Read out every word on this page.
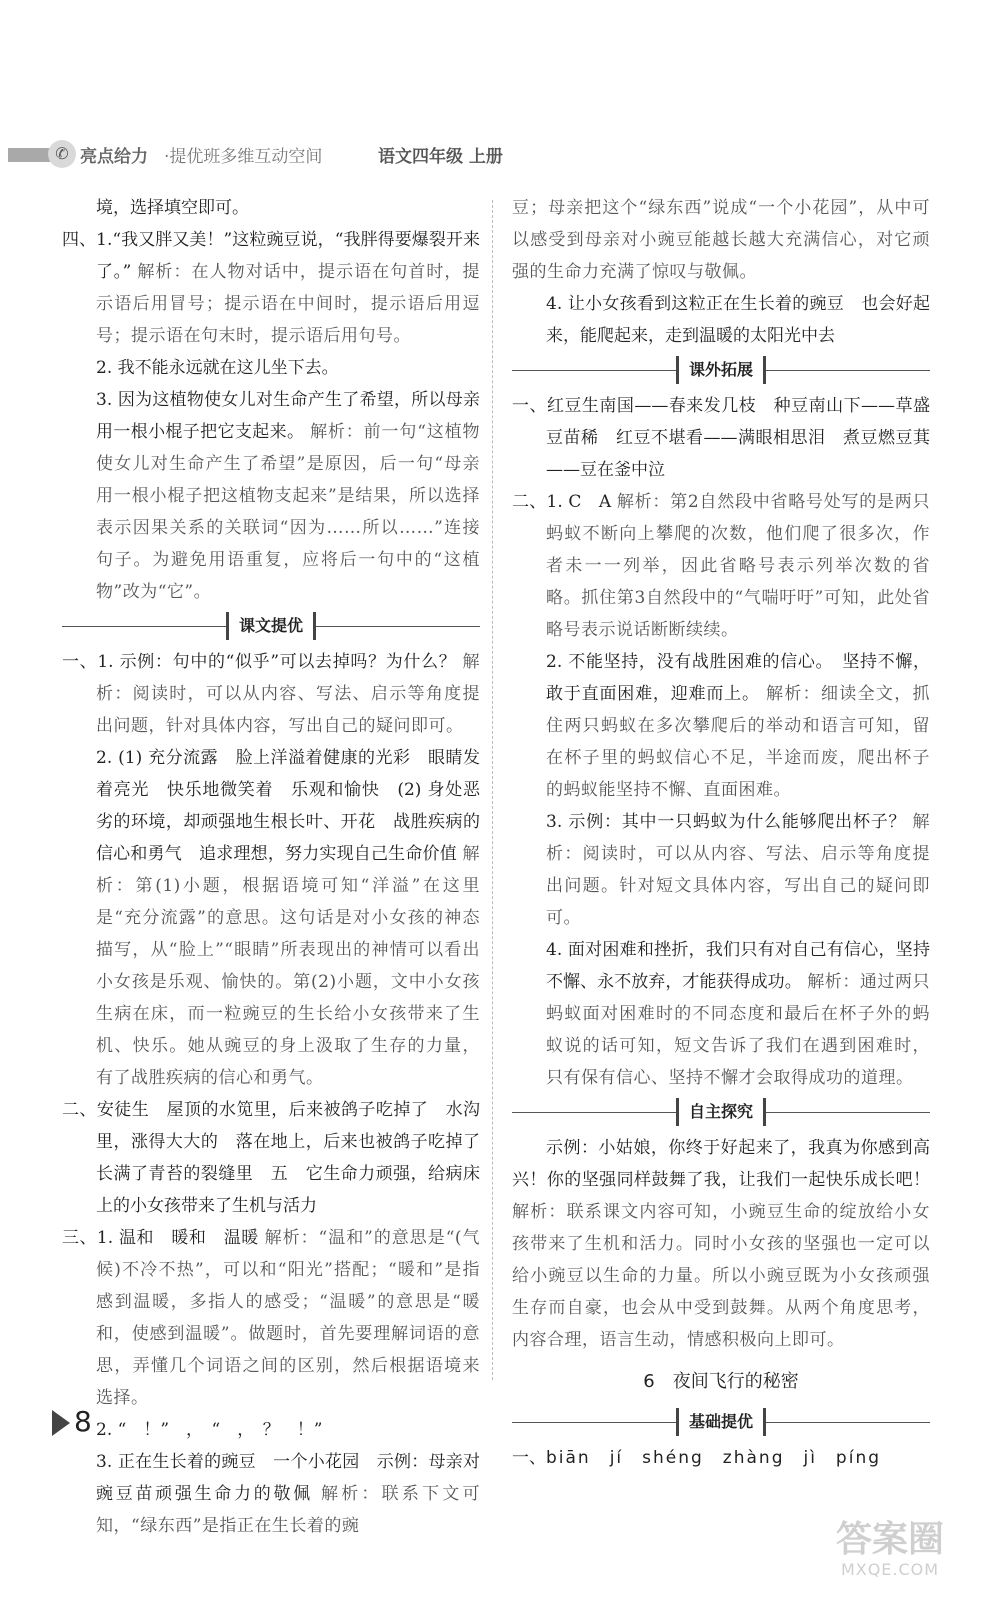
✆ 亮点给力 ·提优班多维互动空间	语文四年级 上册

境，选择填空即可。

四、1.“我又胖又美！”这粒豌豆说，“我胖得要爆裂开来了。” 解析：在人物对话中，提示语在句首时，提示语后用冒号；提示语在中间时，提示语后用逗号；提示语在句末时，提示语后用句号。

2. 我不能永远就在这儿坐下去。

3. 因为这植物使女儿对生命产生了希望，所以母亲用一根小棍子把它支起来。 解析：前一句“这植物使女儿对生命产生了希望”是原因，后一句“母亲用一根小棍子把这植物支起来”是结果，所以选择表示因果关系的关联词“因为……所以……”连接句子。为避免用语重复，应将后一句中的“这植物”改为“它”。

课文提优

一、1. 示例：句中的“似乎”可以去掉吗？为什么？ 解析：阅读时，可以从内容、写法、启示等角度提出问题，针对具体内容，写出自己的疑问即可。

2. (1) 充分流露　脸上洋溢着健康的光彩　眼睛发着亮光　快乐地微笑着　乐观和愉快　(2) 身处恶劣的环境，却顽强地生根长叶、开花　战胜疾病的信心和勇气　追求理想，努力实现自己生命价值 解析：第(1)小题，根据语境可知“洋溢”在这里是“充分流露”的意思。这句话是对小女孩的神态描写，从“脸上”“眼睛”所表现出的神情可以看出小女孩是乐观、愉快的。第(2)小题，文中小女孩生病在床，而一粒豌豆的生长给小女孩带来了生机、快乐。她从豌豆的身上汲取了生存的力量，有了战胜疾病的信心和勇气。

二、安徒生　屋顶的水笕里，后来被鸽子吃掉了　水沟里，涨得大大的　落在地上，后来也被鸽子吃掉了　长满了青苔的裂缝里　五　它生命力顽强，给病床上的小女孩带来了生机与活力

三、1. 温和　暖和　温暖 解析：“温和”的意思是“(气候)不冷不热”，可以和“阳光”搭配；“暖和”是指感到温暖，多指人的感受；“温暖”的意思是“暖和，使感到温暖”。做题时，首先要理解词语的意思，弄懂几个词语之间的区别，然后根据语境来选择。

2. “　！”　，　“　，　？　！”

3. 正在生长着的豌豆　一个小花园　示例：母亲对豌豆苗顽强生命力的敬佩 解析：联系下文可知，“绿东西”是指正在生长着的豌

豆；母亲把这个“绿东西”说成“一个小花园”，从中可以感受到母亲对小豌豆能越长越大充满信心，对它顽强的生命力充满了惊叹与敬佩。

4. 让小女孩看到这粒正在生长着的豌豆　也会好起来，能爬起来，走到温暖的太阳光中去

课外拓展

一、红豆生南国——春来发几枝　种豆南山下——草盛豆苗稀　红豆不堪看——满眼相思泪　煮豆燃豆萁——豆在釜中泣

二、1. C　A 解析：第2自然段中省略号处写的是两只蚂蚁不断向上攀爬的次数，他们爬了很多次，作者未一一列举，因此省略号表示列举次数的省略。抓住第3自然段中的“气喘吁吁”可知，此处省略号表示说话断断续续。

2. 不能坚持，没有战胜困难的信心。　坚持不懈，敢于直面困难，迎难而上。 解析：细读全文，抓住两只蚂蚁在多次攀爬后的举动和语言可知，留在杯子里的蚂蚁信心不足，半途而废，爬出杯子的蚂蚁能坚持不懈、直面困难。

3. 示例：其中一只蚂蚁为什么能够爬出杯子？ 解析：阅读时，可以从内容、写法、启示等角度提出问题。针对短文具体内容，写出自己的疑问即可。

4. 面对困难和挫折，我们只有对自己有信心，坚持不懈、永不放弃，才能获得成功。 解析：通过两只蚂蚁面对困难时的不同态度和最后在杯子外的蚂蚁说的话可知，短文告诉了我们在遇到困难时，只有保有信心、坚持不懈才会取得成功的道理。

自主探究

示例：小姑娘，你终于好起来了，我真为你感到高兴！你的坚强同样鼓舞了我，让我们一起快乐成长吧！ 解析：联系课文内容可知，小豌豆生命的绽放给小女孩带来了生机和活力。同时小女孩的坚强也一定可以给小豌豆以生命的力量。所以小豌豆既为小女孩顽强生存而自豪，也会从中受到鼓舞。从两个角度思考，内容合理，语言生动，情感积极向上即可。

6　夜间飞行的秘密
基础提优

一、biān　jí　shéng　zhàng　jì　píng

8
答案圈
MXQE.COM
